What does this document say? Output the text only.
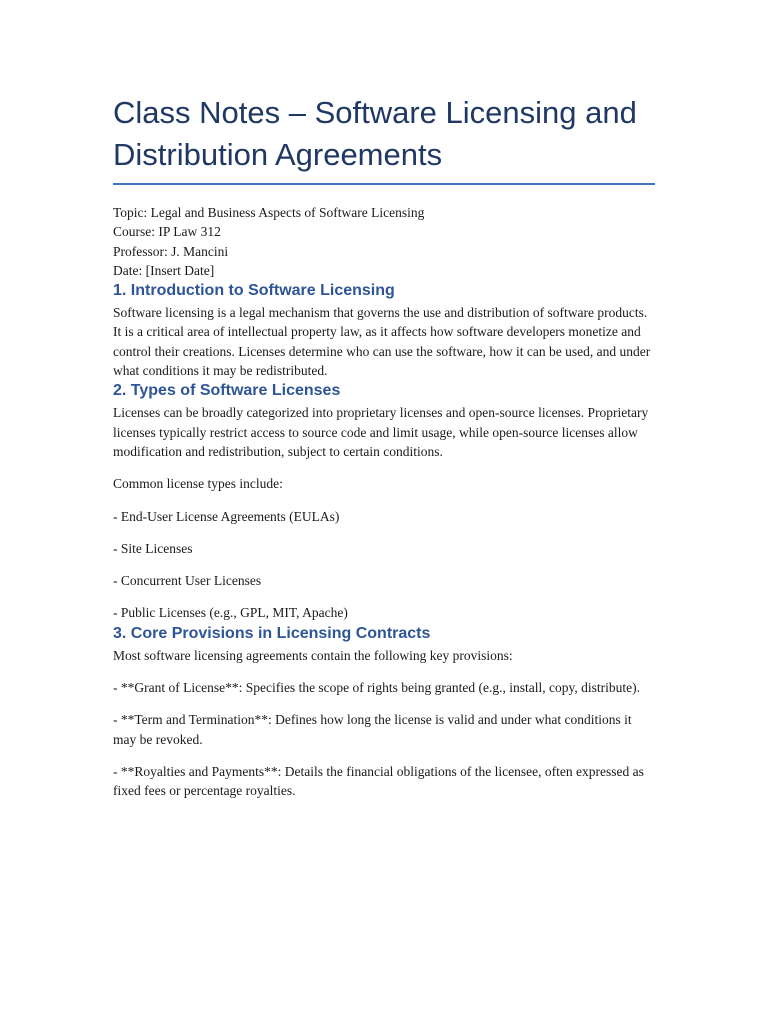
Class Notes – Software Licensing and Distribution Agreements
Topic: Legal and Business Aspects of Software Licensing
Course: IP Law 312
Professor: J. Mancini
Date: [Insert Date]
1. Introduction to Software Licensing

Software licensing is a legal mechanism that governs the use and distribution of software products. It is a critical area of intellectual property law, as it affects how software developers monetize and control their creations. Licenses determine who can use the software, how it can be used, and under what conditions it may be redistributed.

2. Types of Software Licenses

Licenses can be broadly categorized into proprietary licenses and open-source licenses. Proprietary licenses typically restrict access to source code and limit usage, while open-source licenses allow modification and redistribution, subject to certain conditions.

Common license types include:

- End-User License Agreements (EULAs)

- Site Licenses

- Concurrent User Licenses

- Public Licenses (e.g., GPL, MIT, Apache)

3. Core Provisions in Licensing Contracts

Most software licensing agreements contain the following key provisions:

- **Grant of License**: Specifies the scope of rights being granted (e.g., install, copy, distribute).

- **Term and Termination**: Defines how long the license is valid and under what conditions it may be revoked.

- **Royalties and Payments**: Details the financial obligations of the licensee, often expressed as fixed fees or percentage royalties.
